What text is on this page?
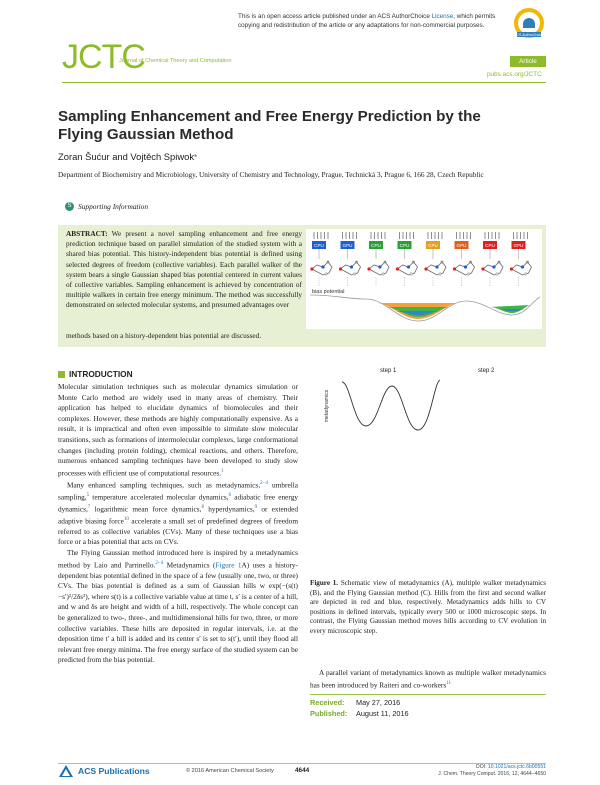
This is an open access article published under an ACS AuthorChoice License, which permits copying and redistribution of the article or any adaptations for non-commercial purposes.
ACS AuthorChoice
JCTC
Journal of Chemical Theory and Computation	Article
pubs.acs.org/JCTC
Sampling Enhancement and Free Energy Prediction by the Flying Gaussian Method
Zoran Šućur and Vojtěch Spiwok*
Department of Biochemistry and Microbiology, University of Chemistry and Technology, Prague, Technická 3, Prague 6, 166 28, Czech Republic
S Supporting Information
ABSTRACT: We present a novel sampling enhancement and free energy prediction technique based on parallel simulation of the studied system with a shared bias potential. This history-independent bias potential is defined using selected degrees of freedom (collective variables). Each parallel walker of the system bears a single Gaussian shaped bias potential centered in current values of collective variables. Sampling enhancement is achieved by concentration of multiple walkers in certain free energy minimum. The method was successfully demonstrated on selected molecular systems, and presumed advantages over
methods based on a history-dependent bias potential are discussed.
CPU	GPU	CPU	CPU	CPU	GPU	CPU	GPU
bias potential
INTRODUCTION

Molecular simulation techniques such as molecular dynamics simulation or Monte Carlo method are widely used in many areas of chemistry. Their application has helped to elucidate dynamics of biomolecules and their complexes. However, these methods are highly computationally expensive. As a result, it is impractical and often even impossible to simulate slow molecular transitions, such as formations of intermolecular complexes, large conformational changes (including protein folding), chemical reactions, and others. Therefore, numerous enhanced sampling techniques have been developed to study slow processes with efficient use of computational resources.$^1$

Many enhanced sampling techniques, such as metadynamics,$^{2-4}$ umbrella sampling,$^5$ temperature accelerated molecular dynamics,$^6$ adiabatic free energy dynamics,$^7$ logarithmic mean force dynamics,$^8$ hyperdynamics,$^9$ or extended adaptive biasing force$^{10}$ accelerate a small set of predefined degrees of freedom referred to as collective variables (CVs). Many of these techniques use a bias force or a bias potential that acts on CVs.

The Flying Gaussian method introduced here is inspired by a metadynamics method by Laio and Parrinello.$^{2-4}$ Metadynamics (Figure 1A) uses a history-dependent bias potential defined in the space of a few (usually one, two, or three) CVs. The bias potential is defined as a sum of Gaussian hills w exp(−(s(t)−s′)²/2δs²), where s(t) is a collective variable value at time t, s′ is a center of a hill, and w and δs are height and width of a hill, respectively. The whole concept can be generalized to two-, three-, and multidimensional hills for two, three, or more collective variables. These hills are deposited in regular intervals, i.e. at the deposition time t′ a hill is added and its center s′ is set to s(t′), until they flood all relevant free energy minima. The free energy surface of the studied system can be predicted from the bias potential.

step 1	step 2
metadynamics
Figure 1. Schematic view of metadynamics (A), multiple walker metadynamics (B), and the Flying Gaussian method (C). Hills from the first and second walker are depicted in red and blue, respectively. Metadynamics adds hills to CV positions in defined intervals, typically every 500 or 1000 microscopic steps. In contrast, the Flying Gaussian method moves hills according to CV evolution in every microscopic step.
A parallel variant of metadynamics known as multiple walker metadynamics has been introduced by Raiteri and co-workers$^{11}$
Received: May 27, 2016
Published: August 11, 2016
ACS Publications	© 2016 American Chemical Society	4644	DOI: 10.1021/acs.jctc.6b00551
J. Chem. Theory Comput. 2016, 12, 4644−4650
